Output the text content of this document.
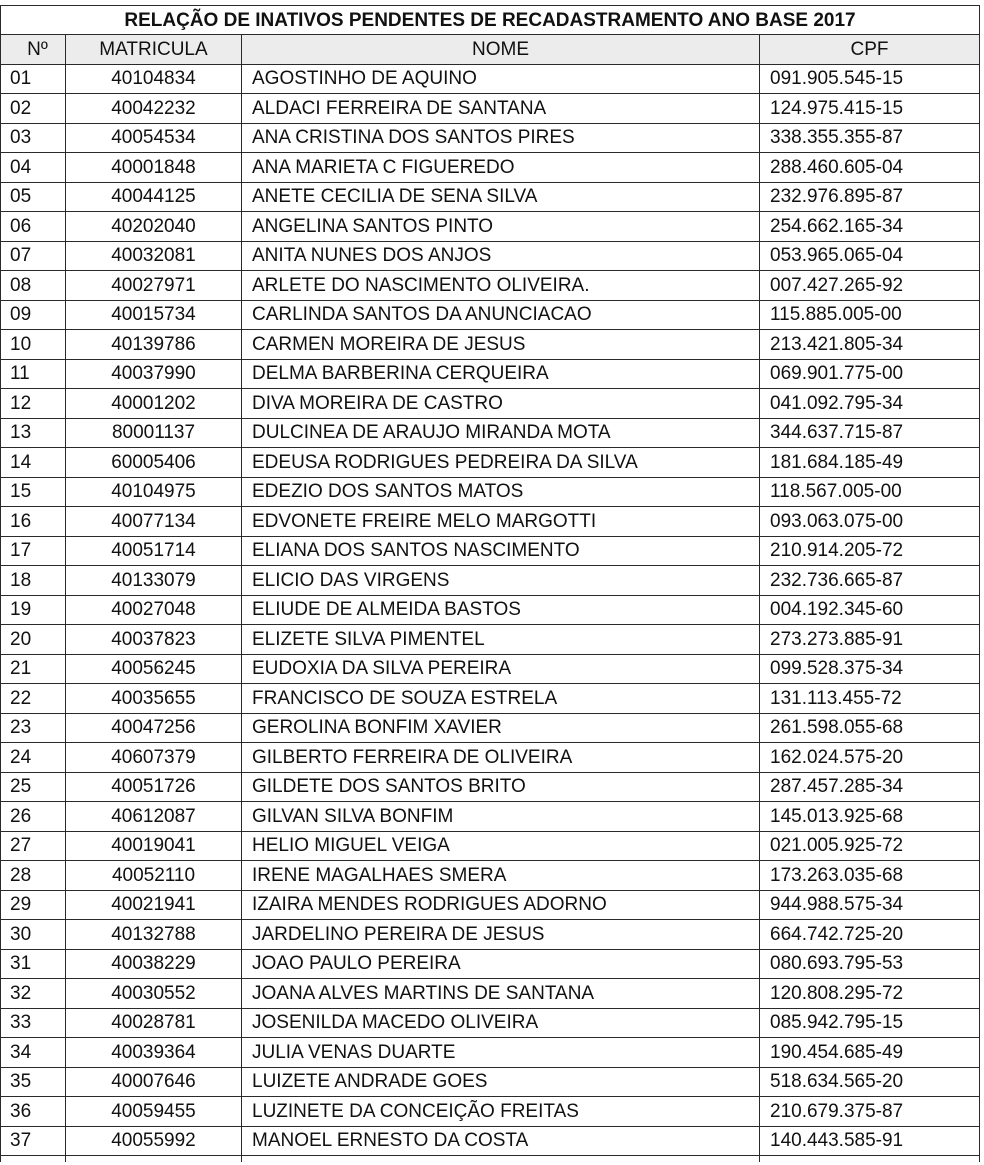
RELAÇÃO DE INATIVOS PENDENTES DE RECADASTRAMENTO ANO BASE 2017			
Nº	MATRICULA	NOME	CPF
01	40104834	AGOSTINHO DE AQUINO	091.905.545-15
02	40042232	ALDACI FERREIRA DE SANTANA	124.975.415-15
03	40054534	ANA CRISTINA DOS SANTOS PIRES	338.355.355-87
04	40001848	ANA MARIETA C FIGUEREDO	288.460.605-04
05	40044125	ANETE CECILIA DE SENA SILVA	232.976.895-87
06	40202040	ANGELINA SANTOS PINTO	254.662.165-34
07	40032081	ANITA NUNES DOS ANJOS	053.965.065-04
08	40027971	ARLETE DO NASCIMENTO OLIVEIRA.	007.427.265-92
09	40015734	CARLINDA SANTOS DA ANUNCIACAO	115.885.005-00
10	40139786	CARMEN MOREIRA DE JESUS	213.421.805-34
11	40037990	DELMA BARBERINA CERQUEIRA	069.901.775-00
12	40001202	DIVA MOREIRA DE CASTRO	041.092.795-34
13	80001137	DULCINEA DE ARAUJO MIRANDA MOTA	344.637.715-87
14	60005406	EDEUSA RODRIGUES PEDREIRA DA SILVA	181.684.185-49
15	40104975	EDEZIO DOS SANTOS MATOS	118.567.005-00
16	40077134	EDVONETE FREIRE MELO MARGOTTI	093.063.075-00
17	40051714	ELIANA DOS SANTOS NASCIMENTO	210.914.205-72
18	40133079	ELICIO DAS VIRGENS	232.736.665-87
19	40027048	ELIUDE DE ALMEIDA BASTOS	004.192.345-60
20	40037823	ELIZETE SILVA PIMENTEL	273.273.885-91
21	40056245	EUDOXIA DA SILVA PEREIRA	099.528.375-34
22	40035655	FRANCISCO DE SOUZA ESTRELA	131.113.455-72
23	40047256	GEROLINA BONFIM XAVIER	261.598.055-68
24	40607379	GILBERTO FERREIRA DE OLIVEIRA	162.024.575-20
25	40051726	GILDETE DOS SANTOS BRITO	287.457.285-34
26	40612087	GILVAN SILVA BONFIM	145.013.925-68
27	40019041	HELIO MIGUEL VEIGA	021.005.925-72
28	40052110	IRENE MAGALHAES SMERA	173.263.035-68
29	40021941	IZAIRA MENDES RODRIGUES ADORNO	944.988.575-34
30	40132788	JARDELINO PEREIRA DE JESUS	664.742.725-20
31	40038229	JOAO PAULO PEREIRA	080.693.795-53
32	40030552	JOANA ALVES MARTINS DE SANTANA	120.808.295-72
33	40028781	JOSENILDA MACEDO OLIVEIRA	085.942.795-15
34	40039364	JULIA VENAS DUARTE	190.454.685-49
35	40007646	LUIZETE ANDRADE GOES	518.634.565-20
36	40059455	LUZINETE DA CONCEIÇÃO FREITAS	210.679.375-87
37	40055992	MANOEL ERNESTO DA COSTA	140.443.585-91
